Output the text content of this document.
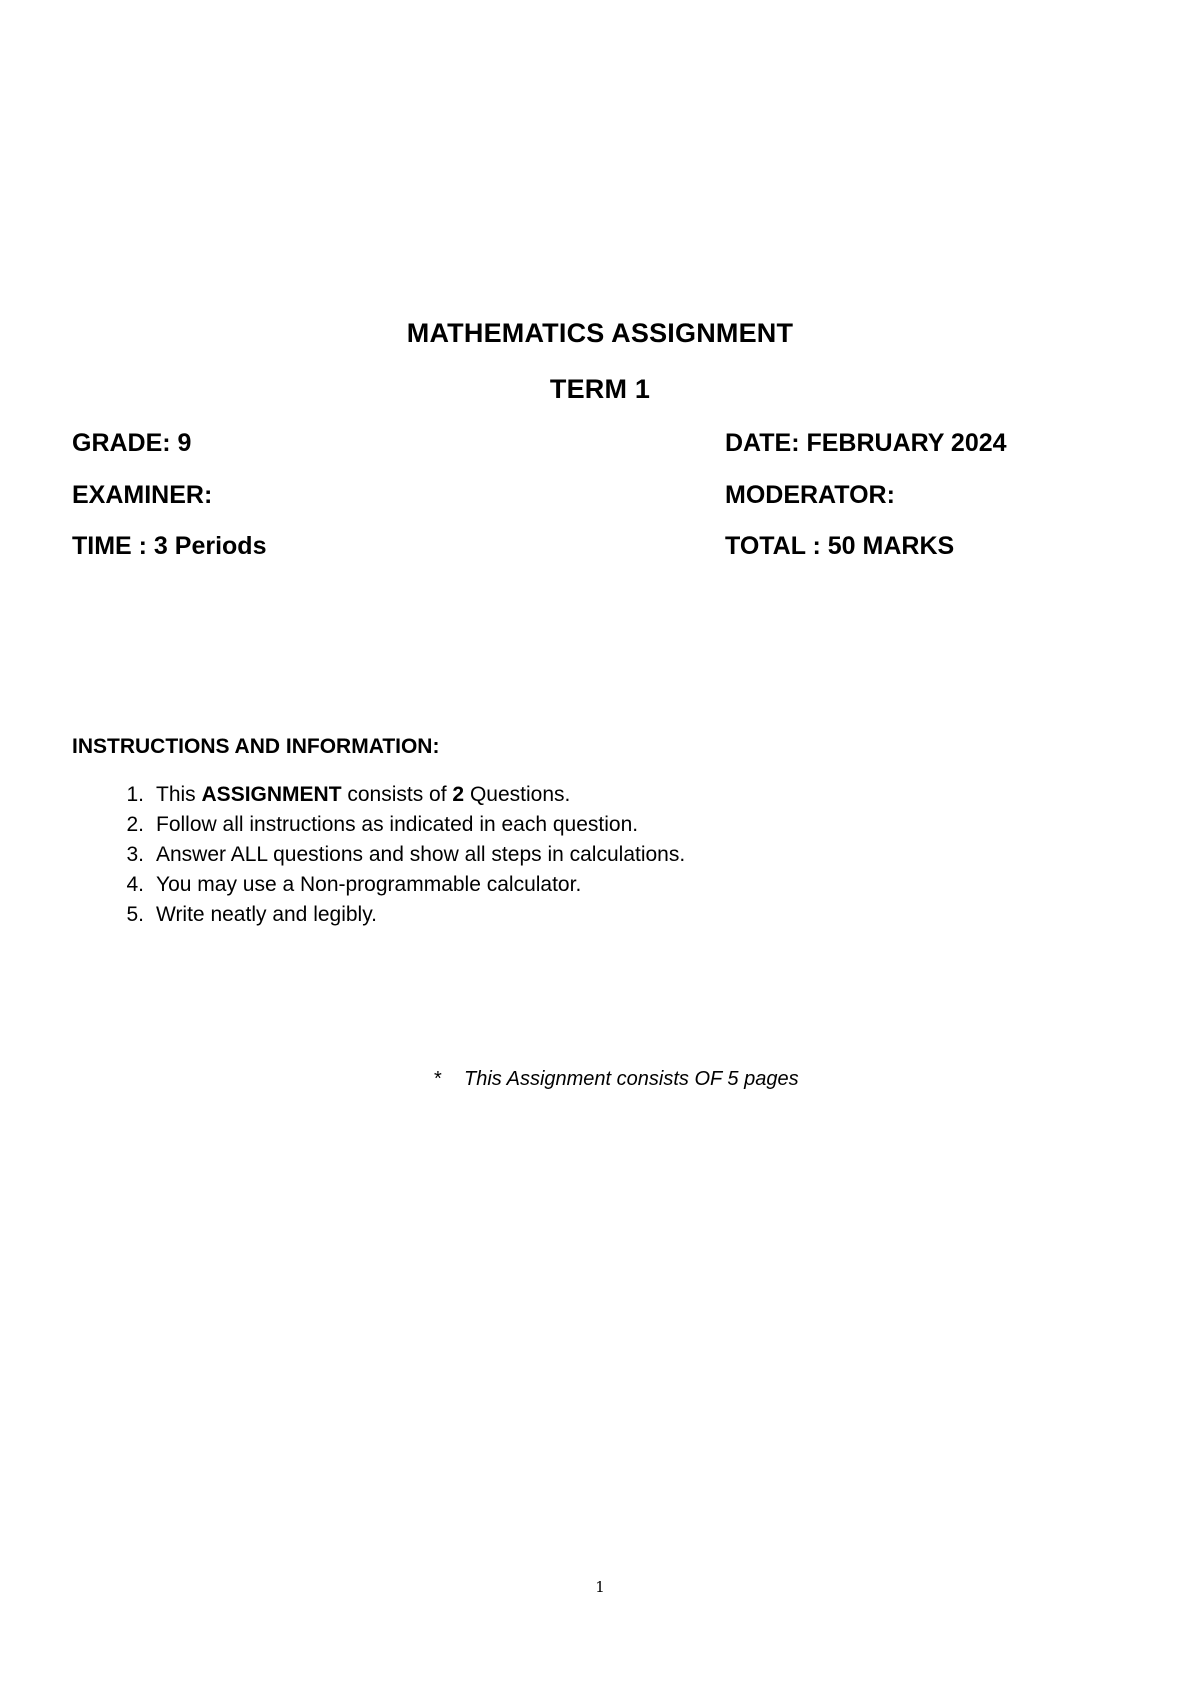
MATHEMATICS ASSIGNMENT
TERM 1
GRADE: 9	DATE: FEBRUARY 2024
EXAMINER:	MODERATOR:
TIME : 3 Periods	TOTAL : 50 MARKS
INSTRUCTIONS AND INFORMATION:
1. This ASSIGNMENT consists of 2 Questions.
2. Follow all instructions as indicated in each question.
3. Answer ALL questions and show all steps in calculations.
4. You may use a Non-programmable calculator.
5. Write neatly and legibly.
* This Assignment consists OF 5 pages
1
